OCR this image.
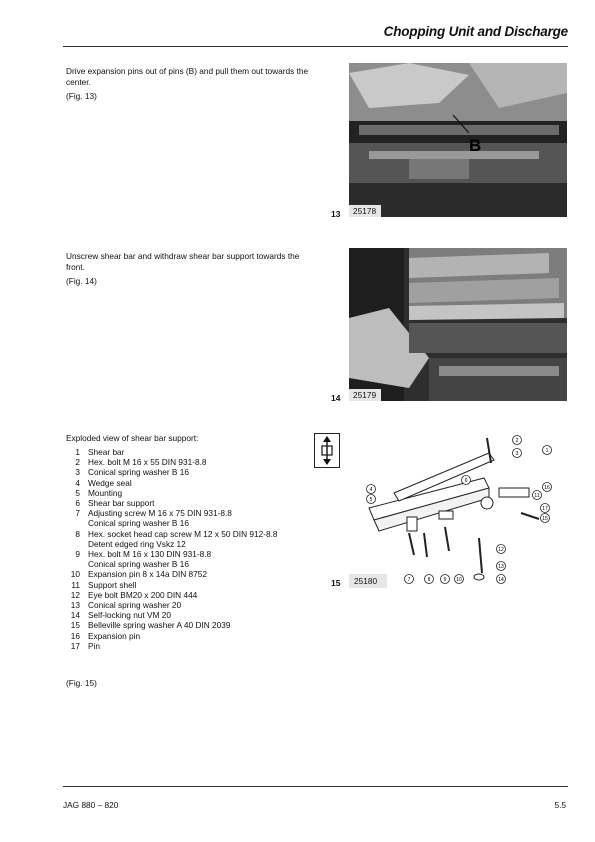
Chopping Unit and Discharge
Drive expansion pins out of pins (B) and pull them out towards the center.
(Fig. 13)
13
B
25178
Unscrew shear bar and withdraw shear bar support towards the front.
(Fig. 14)
14	25179
Exploded view of shear bar support:
1 Shear bar
2 Hex. bolt M 16 x 55 DIN 931-8.8
3 Conical spring washer B 16
4 Wedge seal
5 Mounting
6 Shear bar support
7 Adjusting screw M 16 x 75 DIN 931-8.8
Conical spring washer B 16
8 Hex. socket head cap screw M 12 x 50 DIN 912-8.8
Detent edged ring Vskz 12
9 Hex. bolt M 16 x 130 DIN 931-8.8
Conical spring washer B 16
10 Expansion pin 8 x 14a DIN 8752
11 Support shell
12 Eye bolt BM20 x 200 DIN 444
13 Conical spring washer 20
14 Self-locking nut VM 20
15 Belleville spring washer A 40 DIN 2039
16 Expansion pin
17 Pin
(Fig. 15)
15
1
2
3
4
5
6
7	8	9 10
11
12
13
14
15
16
17
25180
JAG 880 – 820	5.5
